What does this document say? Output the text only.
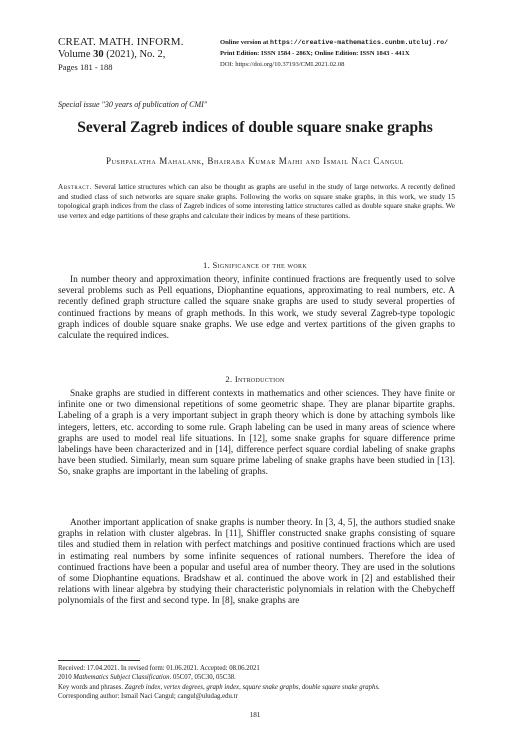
CREAT. MATH. INFORM.
Volume 30 (2021), No. 2,
Pages 181 - 188
Online version at https://creative-mathematics.cunbm.utcluj.ro/
Print Edition: ISSN 1584 - 286X; Online Edition: ISSN 1843 - 441X
DOI: https://doi.org/10.37193/CMI.2021.02.08
Special issue "30 years of publication of CMI"
Several Zagreb indices of double square snake graphs
Pushpalatha Mahalank, Bhairaba Kumar Majhi and Ismail Naci Cangul
Abstract. Several lattice structures which can also be thought as graphs are useful in the study of large networks. A recently defined and studied class of such networks are square snake graphs. Following the works on square snake graphs, in this work, we study 15 topological graph indices from the class of Zagreb indices of some interesting lattice structures called as double square snake graphs. We use vertex and edge partitions of these graphs and calculate their indices by means of these partitions.
1. Significance of the work
In number theory and approximation theory, infinite continued fractions are frequently used to solve several problems such as Pell equations, Diophantine equations, approximating to real numbers, etc. A recently defined graph structure called the square snake graphs are used to study several properties of continued fractions by means of graph methods. In this work, we study several Zagreb-type topologic graph indices of double square snake graphs. We use edge and vertex partitions of the given graphs to calculate the required indices.
2. Introduction
Snake graphs are studied in different contexts in mathematics and other sciences. They have finite or infinite one or two dimensional repetitions of some geometric shape. They are planar bipartite graphs. Labeling of a graph is a very important subject in graph theory which is done by attaching symbols like integers, letters, etc. according to some rule. Graph labeling can be used in many areas of science where graphs are used to model real life situations. In [12], some snake graphs for square difference prime labelings have been characterized and in [14], difference perfect square cordial labeling of snake graphs have been studied. Similarly, mean sum square prime labeling of snake graphs have been studied in [13]. So, snake graphs are important in the labeling of graphs.
Another important application of snake graphs is number theory. In [3, 4, 5], the authors studied snake graphs in relation with cluster algebras. In [11], Shiffler constructed snake graphs consisting of square tiles and studied them in relation with perfect matchings and positive continued fractions which are used in estimating real numbers by some infinite sequences of rational numbers. Therefore the idea of continued fractions have been a popular and useful area of number theory. They are used in the solutions of some Diophantine equations. Bradshaw et al. continued the above work in [2] and established their relations with linear algebra by studying their characteristic polynomials in relation with the Chebycheff polynomials of the first and second type. In [8], snake graphs are
Received: 17.04.2021. In revised form: 01.06.2021. Accepted: 08.06.2021
2010 Mathematics Subject Classification. 05C07, 05C30, 05C38.
Key words and phrases. Zagreb index, vertex degrees, graph index, square snake graphs, double square snake graphs.
Corresponding author: Ismail Naci Cangul; cangul@uludag.edu.tr
181
